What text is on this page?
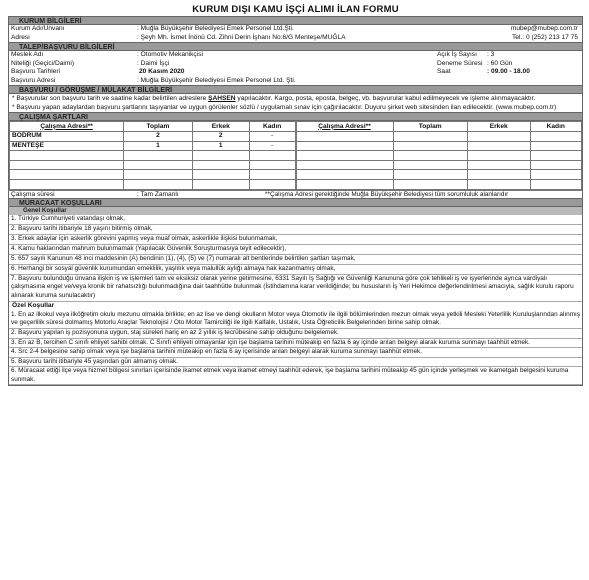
KURUM DIŞI KAMU İŞÇİ ALIMI İLAN FORMU
KURUM BİLGİLERİ
Kurum Adı/Unvanı	: Muğla Büyükşehir Belediyesi Emek Personel Ltd.Şti.	mubep@mubep.com.tr
Adresi	: Şeyh Mh. İsmet İnönü Cd. Zihni Derin İşhanı No:6/G Menteşe/MUĞLA	Tel.: 0 (252) 213 17 75
TALEP/BAŞVURU BİLGİLERİ
Meslek Adı	: Otomotiv Mekanikçisi	Açık İş Sayısı : 3
Niteliği (Geçici/Daimi)	: Daimi İşçi	Deneme Süresi : 60 Gün
Başvuru Tarihleri	20 Kasım 2020	Saat	: 09.00 - 18.00
Başvuru Adresi	: Muğla Büyükşehir Belediyesi Emek Personel Ltd. Şti.
BAŞVURU / GÖRÜŞME / MÜLAKAT BİLGİLERİ

* Başvurular son başvuru tarih ve saatine kadar belirtilen adreslere ŞAHSEN yapılacaktır. Kargo, posta, eposta, belgeç, vb. başvurular kabul edilmeyecek ve işleme alınmayacaktır.

* Başvuru yapan adaylardan başvuru şartlarını taşıyanlar ve uygun görülenler sözlü / uygulamalı sınav için çağırılacaktır. Duyuru şirket web sitesinden ilan edilecektir. (www.mubep.com.tr)

ÇALIŞMA ŞARTLARI
Çalışma Adresi**	Toplam	Erkek	Kadın
BODRUM	2	2	-
MENTEŞE	1	1	-

Çalışma Adresi**	Toplam	Erkek	Kadın

Çalışma süresi	: Tam Zamanlı	**Çalışma Adresi gerektiğinde Muğla Büyükşehir Belediyesi tüm sorumluluk alanlarıdır
MÜRACAAT KOŞULLARI
Genel Koşullar
1. Türkiye Cumhuriyeti vatandaşı olmak,
2. Başvuru tarihi itibariyle 18 yaşını bitirmiş olmak,
3. Erkek adaylar için askerlik görevini yapmış veya muaf olmak, askerlikle ilişkisi bulunmamak,
4. Kamu haklarından mahrum bulunmamak (Yapılacak Güvenlik Soruşturmasıya teyit edilecektir),
5. 657 sayılı Kanunun 48 inci maddesinin (A) bendinin (1), (4), (5) ve (7) numaralı alt bentlerinde belirtilen şartları taşımak,
6. Herhangi bir sosyal güvenlik kurumundan emeklilik, yaşlılık veya malullük aylığı almaya hak kazanmamış olmak,
7. Başvuru bulunduğu ünvana ilişkin iş ve işlemleri tam ve eksiksiz olarak yerine getirmesine, 6331 Sayılı İş Sağlığı ve Güvenliği Kanununa göre çok tehlikeli iş ve işyerlerinde ayrıca vardiyalı çalışmasına engel ve/veya kronik bir rahatsızlığı bulunmadığına dair taahhütte bulunmak (İstihdamına karar verildiğinde; bu hususların İş Yeri Hekimce değerlendirilmesi amacıyla, sağlık kurulu raporu alınarak kuruma sunulacaktır)
Özel Koşullar
1. En az ilkokul veya ilköğretim okulu mezunu olmakla birlikte; en az lise ve dengi okulların Motor veya Otomotiv ile ilgili bölümlerinden mezun olmak veya yetkili Mesleki Yeterlilik Kuruluşlarından alınmış ve geçerlilik süresi dolmamış Motorlu Araçlar Teknolojisi / Oto Motor Tamirciliği ile ilgili Kalfalık, Ustalık, Usta Öğreticilik Belgelerinden birine sahip olmak.
2. Başvuru yapılan iş pozisyonuna uygun, staj süreleri hariç en az 2 yıllık iş tecrübesine sahip olduğunu belgelemek.
3. En az B, tercihen C sınıfı ehliyet sahibi olmak. C Sınıfı ehliyeti olmayanlar için işe başlama tarihini müteakip en fazla 6 ay içinde arılan belgeyi alarak kuruma sunmayı taahhüt etmek.
4. Src 2-4 belgesine sahip olmak veya işe başlama tarihini müteakip en fazla 6 ay içerisinde arılan belgeyi alarak kuruma sunmayı taahhüt etmek.
5. Başvuru tarihi itibariyle 45 yaşından gün almamış olmak.
6. Müracaat ettiği ilçe veya hizmet bölgesi sınırları içerisinde ikamet etmek veya ikamet etmeyi taahhüt ederek, işe başlama tarihini müteakip 45 gün içinde yerleşmek ve ikametgah belgesini kuruma sunmak.
